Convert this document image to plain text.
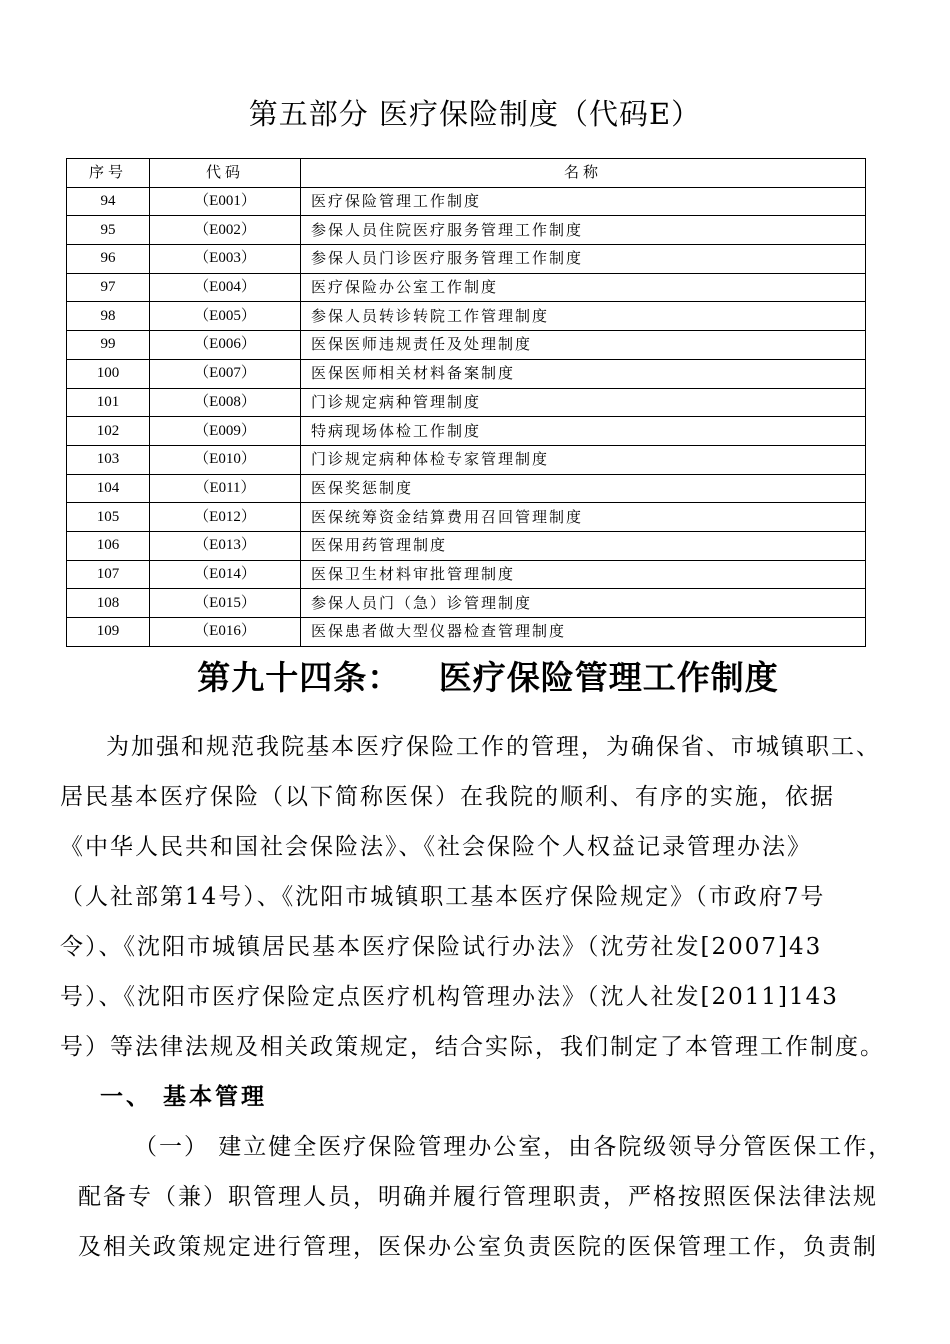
第五部分 医疗保险制度（代码E）
序号	代码	名称
94	（E001）	医疗保险管理工作制度
95	（E002）	参保人员住院医疗服务管理工作制度
96	（E003）	参保人员门诊医疗服务管理工作制度
97	（E004）	医疗保险办公室工作制度
98	（E005）	参保人员转诊转院工作管理制度
99	（E006）	医保医师违规责任及处理制度
100	（E007）	医保医师相关材料备案制度
101	（E008）	门诊规定病种管理制度
102	（E009）	特病现场体检工作制度
103	（E010）	门诊规定病种体检专家管理制度
104	（E011）	医保奖惩制度
105	（E012）	医保统筹资金结算费用召回管理制度
106	（E013）	医保用药管理制度
107	（E014）	医保卫生材料审批管理制度
108	（E015）	参保人员门（急）诊管理制度
109	（E016）	医保患者做大型仪器检查管理制度
第九十四条：   医疗保险管理工作制度
为加强和规范我院基本医疗保险工作的管理，为确保省、市城镇职工、
居民基本医疗保险（以下简称医保）在我院的顺利、有序的实施，依据
《中华人民共和国社会保险法》、《社会保险个人权益记录管理办法》
（人社部第14号）、《沈阳市城镇职工基本医疗保险规定》（市政府7号
令）、《沈阳市城镇居民基本医疗保险试行办法》（沈劳社发[2007]43
号）、《沈阳市医疗保险定点医疗机构管理办法》（沈人社发[2011]143
号）等法律法规及相关政策规定，结合实际，我们制定了本管理工作制度。
一、 基本管理
（一） 建立健全医疗保险管理办公室，由各院级领导分管医保工作，
配备专（兼）职管理人员，明确并履行管理职责，严格按照医保法律法规
及相关政策规定进行管理，医保办公室负责医院的医保管理工作，负责制
